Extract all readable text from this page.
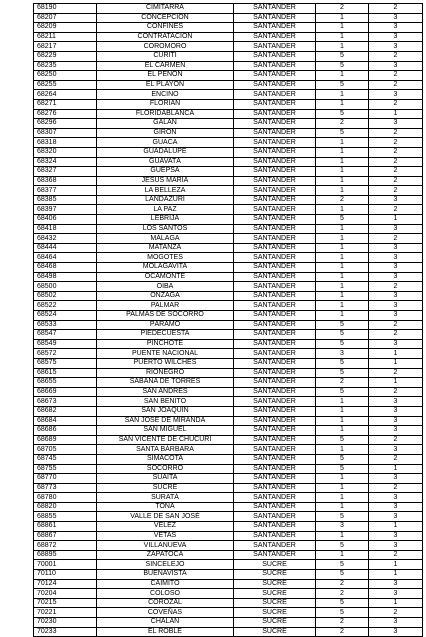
68190	CIMITARRA	SANTANDER	2	2
68207	CONCEPCIÓN	SANTANDER	1	3
68209	CONFINES	SANTANDER	1	3
68211	CONTRATACIÓN	SANTANDER	1	3
68217	COROMORO	SANTANDER	1	3
68229	CURITÍ	SANTANDER	5	2
68235	EL CARMEN	SANTANDER	5	3
68250	EL PEÑÓN	SANTANDER	1	2
68255	EL PLAYÓN	SANTANDER	5	2
68264	ENCINO	SANTANDER	1	3
68271	FLORIÁN	SANTANDER	1	2
68276	FLORIDABLANCA	SANTANDER	5	1
68296	GALÁN	SANTANDER	2	3
68307	GIRÓN	SANTANDER	5	2
68318	GUACA	SANTANDER	1	2
68320	GUADALUPE	SANTANDER	1	2
68324	GUAVATÁ	SANTANDER	1	2
68327	GÜEPSA	SANTANDER	1	2
68368	JESÚS MARÍA	SANTANDER	1	2
68377	LA BELLEZA	SANTANDER	1	2
68385	LANDÁZURI	SANTANDER	2	3
68397	LA PAZ	SANTANDER	1	2
68406	LEBRIJA	SANTANDER	5	1
68418	LOS SANTOS	SANTANDER	1	3
68432	MÁLAGA	SANTANDER	1	2
68444	MATANZA	SANTANDER	1	3
68464	MOGOTES	SANTANDER	1	3
68468	MOLAGAVITA	SANTANDER	1	3
68498	OCAMONTE	SANTANDER	1	3
68500	OIBA	SANTANDER	1	2
68502	ONZAGA	SANTANDER	1	3
68522	PALMAR	SANTANDER	1	3
68524	PALMAS DE SOCORRO	SANTANDER	1	3
68533	PÁRAMO	SANTANDER	5	2
68547	PIEDECUESTA	SANTANDER	5	2
68549	PINCHOTE	SANTANDER	5	3
68572	PUENTE NACIONAL	SANTANDER	3	1
68575	PUERTO WILCHES	SANTANDER	5	1
68615	RIONEGRO	SANTANDER	5	2
68655	SABANA DE TORRES	SANTANDER	2	1
68669	SAN ANDRÉS	SANTANDER	5	2
68673	SAN BENITO	SANTANDER	1	3
68682	SAN JOAQUÍN	SANTANDER	1	3
68684	SAN JOSE DE MIRANDA	SANTANDER	1	3
68686	SAN MIGUEL	SANTANDER	1	3
68689	SAN VICENTE DE CHUCURÍ	SANTANDER	5	2
68705	SANTA BÁRBARA	SANTANDER	1	3
68745	SIMACOTA	SANTANDER	5	2
68755	SOCORRO	SANTANDER	5	1
68770	SUAITA	SANTANDER	1	3
68773	SUCRE	SANTANDER	1	2
68780	SURATÁ	SANTANDER	1	3
68820	TONA	SANTANDER	1	3
68855	VALLE DE SAN JOSÉ	SANTANDER	5	3
68861	VÉLEZ	SANTANDER	3	1
68867	VETAS	SANTANDER	1	3
68872	VILLANUEVA	SANTANDER	5	3
68895	ZAPATOCA	SANTANDER	1	2
70001	SINCELEJO	SUCRE	5	1
70110	BUENAVISTA	SUCRE	5	1
70124	CAIMITO	SUCRE	2	3
70204	COLOSO	SUCRE	2	3
70215	COROZAL	SUCRE	5	1
70221	COVEÑAS	SUCRE	5	2
70230	CHALÁN	SUCRE	2	3
70233	EL ROBLE	SUCRE	2	3
